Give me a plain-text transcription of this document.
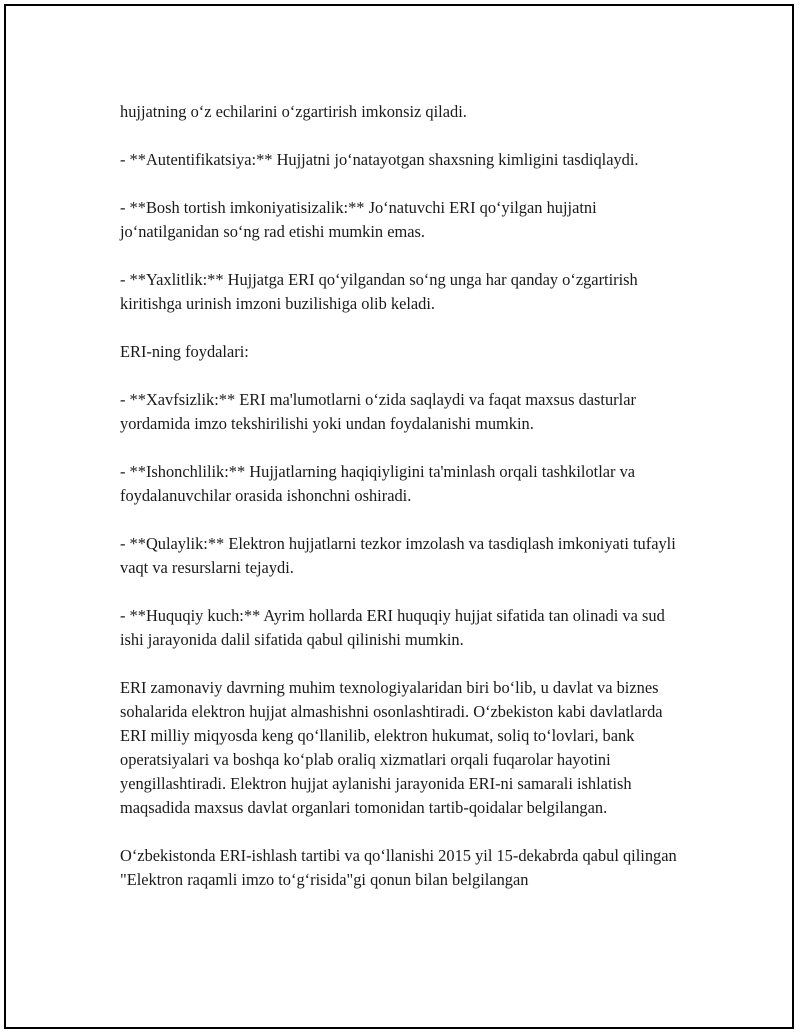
hujjatning o‘z echilarini o‘zgartirish imkonsiz qiladi.

- **Autentifikatsiya:** Hujjatni jo‘natayotgan shaxsning kimligini tasdiqlaydi.

- **Bosh tortish imkoniyatisizalik:** Jo‘natuvchi ERI qo‘yilgan hujjatni jo‘natilganidan so‘ng rad etishi mumkin emas.

- **Yaxlitlik:** Hujjatga ERI qo‘yilgandan so‘ng unga har qanday o‘zgartirish kiritishga urinish imzoni buzilishiga olib keladi.

ERI-ning foydalari:

- **Xavfsizlik:** ERI ma'lumotlarni o‘zida saqlaydi va faqat maxsus dasturlar yordamida imzo tekshirilishi yoki undan foydalanishi mumkin.

- **Ishonchlilik:** Hujjatlarning haqiqiyligini ta'minlash orqali tashkilotlar va foydalanuvchilar orasida ishonchni oshiradi.

- **Qulaylik:** Elektron hujjatlarni tezkor imzolash va tasdiqlash imkoniyati tufayli vaqt va resurslarni tejaydi.

- **Huquqiy kuch:** Ayrim hollarda ERI huquqiy hujjat sifatida tan olinadi va sud ishi jarayonida dalil sifatida qabul qilinishi mumkin.

ERI zamonaviy davrning muhim texnologiyalaridan biri bo‘lib, u davlat va biznes sohalarida elektron hujjat almashishni osonlashtiradi. O‘zbekiston kabi davlatlarda ERI milliy miqyosda keng qo‘llanilib, elektron hukumat, soliq to‘lovlari, bank operatsiyalari va boshqa ko‘plab oraliq xizmatlari orqali fuqarolar hayotini yengillashtiradi. Elektron hujjat aylanishi jarayonida ERI-ni samarali ishlatish maqsadida maxsus davlat organlari tomonidan tartib-qoidalar belgilangan.

O‘zbekistonda ERI-ishlash tartibi va qo‘llanishi 2015 yil 15-dekabrda qabul qilingan "Elektron raqamli imzo to‘g‘risida"gi qonun bilan belgilangan
